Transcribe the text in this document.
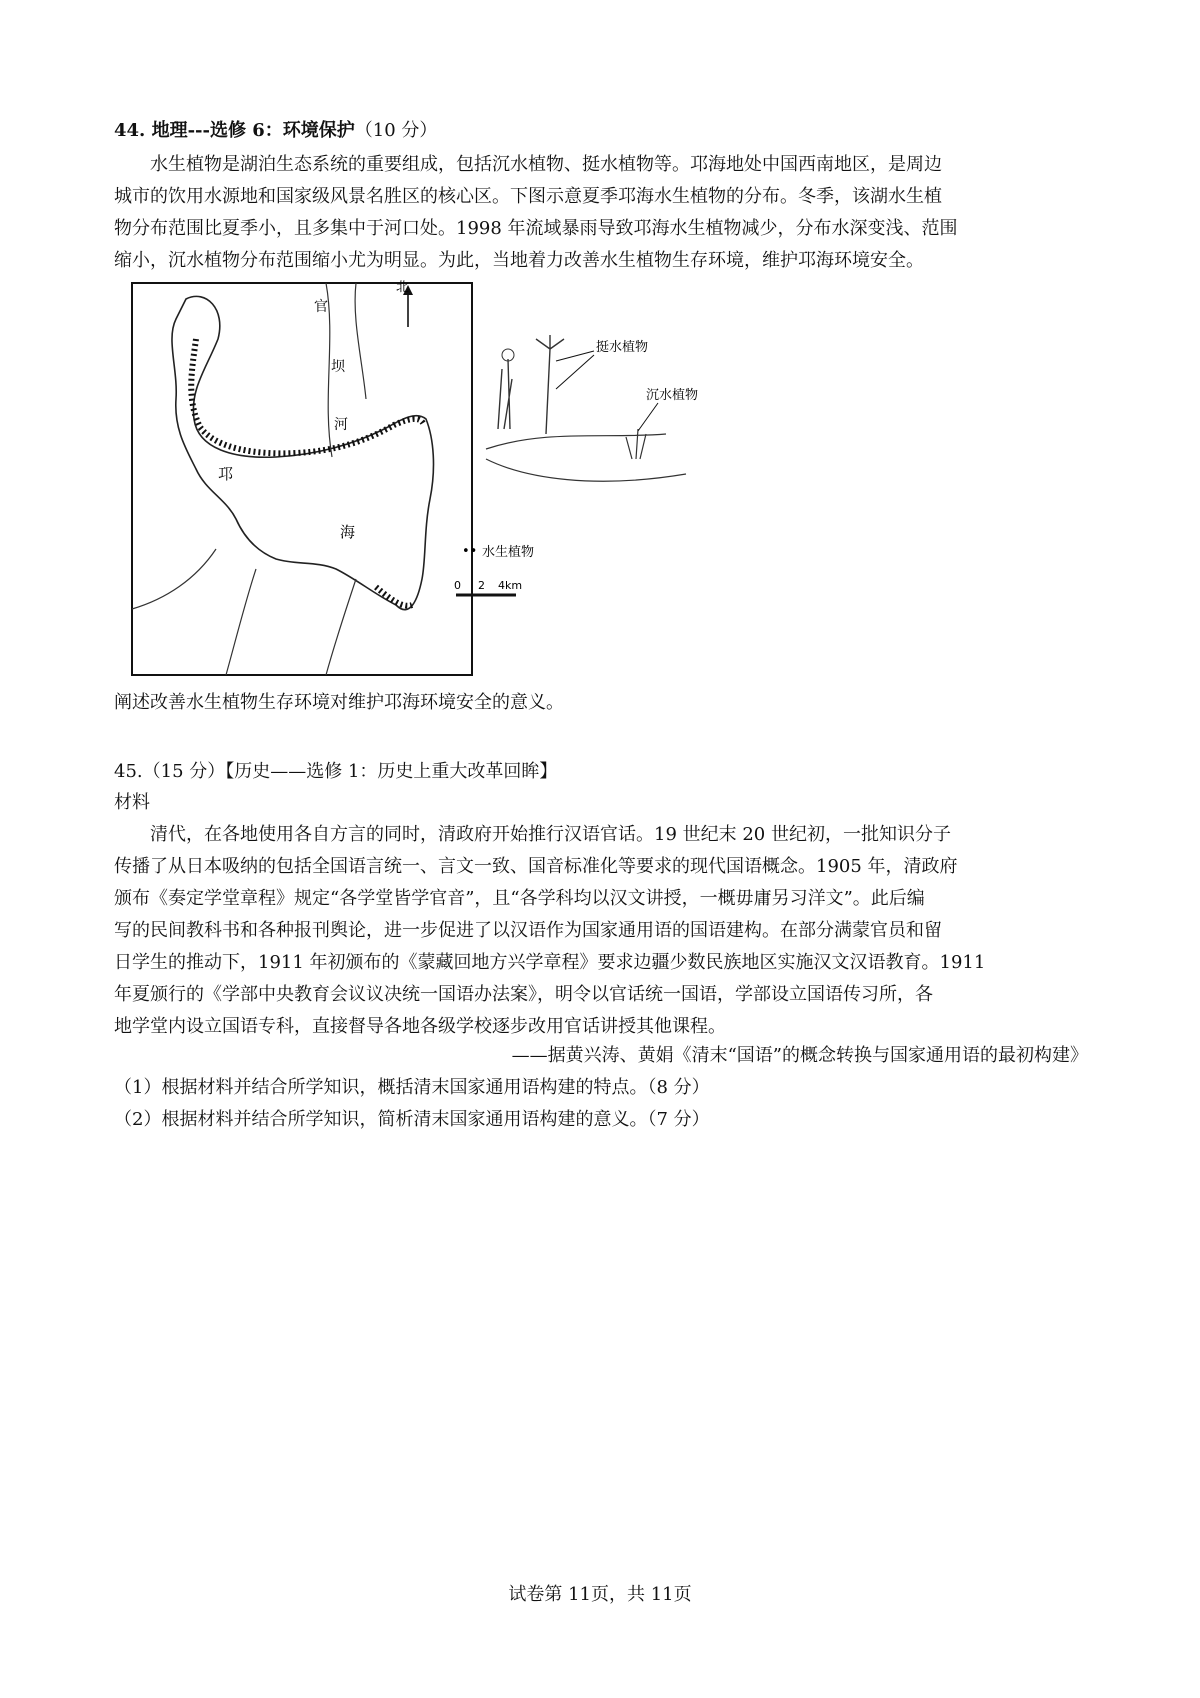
44. 地理---选修 6：环境保护（10 分）

水生植物是湖泊生态系统的重要组成，包括沉水植物、挺水植物等。邛海地处中国西南地区，是周边
城市的饮用水源地和国家级风景名胜区的核心区。下图示意夏季邛海水生植物的分布。冬季，该湖水生植
物分布范围比夏季小，且多集中于河口处。1998 年流域暴雨导致邛海水生植物减少，分布水深变浅、范围
缩小，沉水植物分布范围缩小尤为明显。为此，当地着力改善水生植物生存环境，维护邛海环境安全。

北
官
坝
河
邛
海
•• 水生植物
0 2 4km
挺水植物
沉水植物
阐述改善水生植物生存环境对维护邛海环境安全的意义。
45.（15 分）【历史——选修 1：历史上重大改革回眸】
材料

清代，在各地使用各自方言的同时，清政府开始推行汉语官话。19 世纪末 20 世纪初，一批知识分子
传播了从日本吸纳的包括全国语言统一、言文一致、国音标准化等要求的现代国语概念。1905 年，清政府
颁布《奏定学堂章程》规定“各学堂皆学官音”，且“各学科均以汉文讲授，一概毋庸另习洋文”。此后编
写的民间教科书和各种报刊舆论，进一步促进了以汉语作为国家通用语的国语建构。在部分满蒙官员和留
日学生的推动下，1911 年初颁布的《蒙藏回地方兴学章程》要求边疆少数民族地区实施汉文汉语教育。1911
年夏颁行的《学部中央教育会议议决统一国语办法案》，明令以官话统一国语，学部设立国语传习所，各
地学堂内设立国语专科，直接督导各地各级学校逐步改用官话讲授其他课程。

——据黄兴涛、黄娟《清末“国语”的概念转换与国家通用语的最初构建》
（1）根据材料并结合所学知识，概括清末国家通用语构建的特点。（8 分）
（2）根据材料并结合所学知识，简析清末国家通用语构建的意义。（7 分）
试卷第 11页，共 11页
